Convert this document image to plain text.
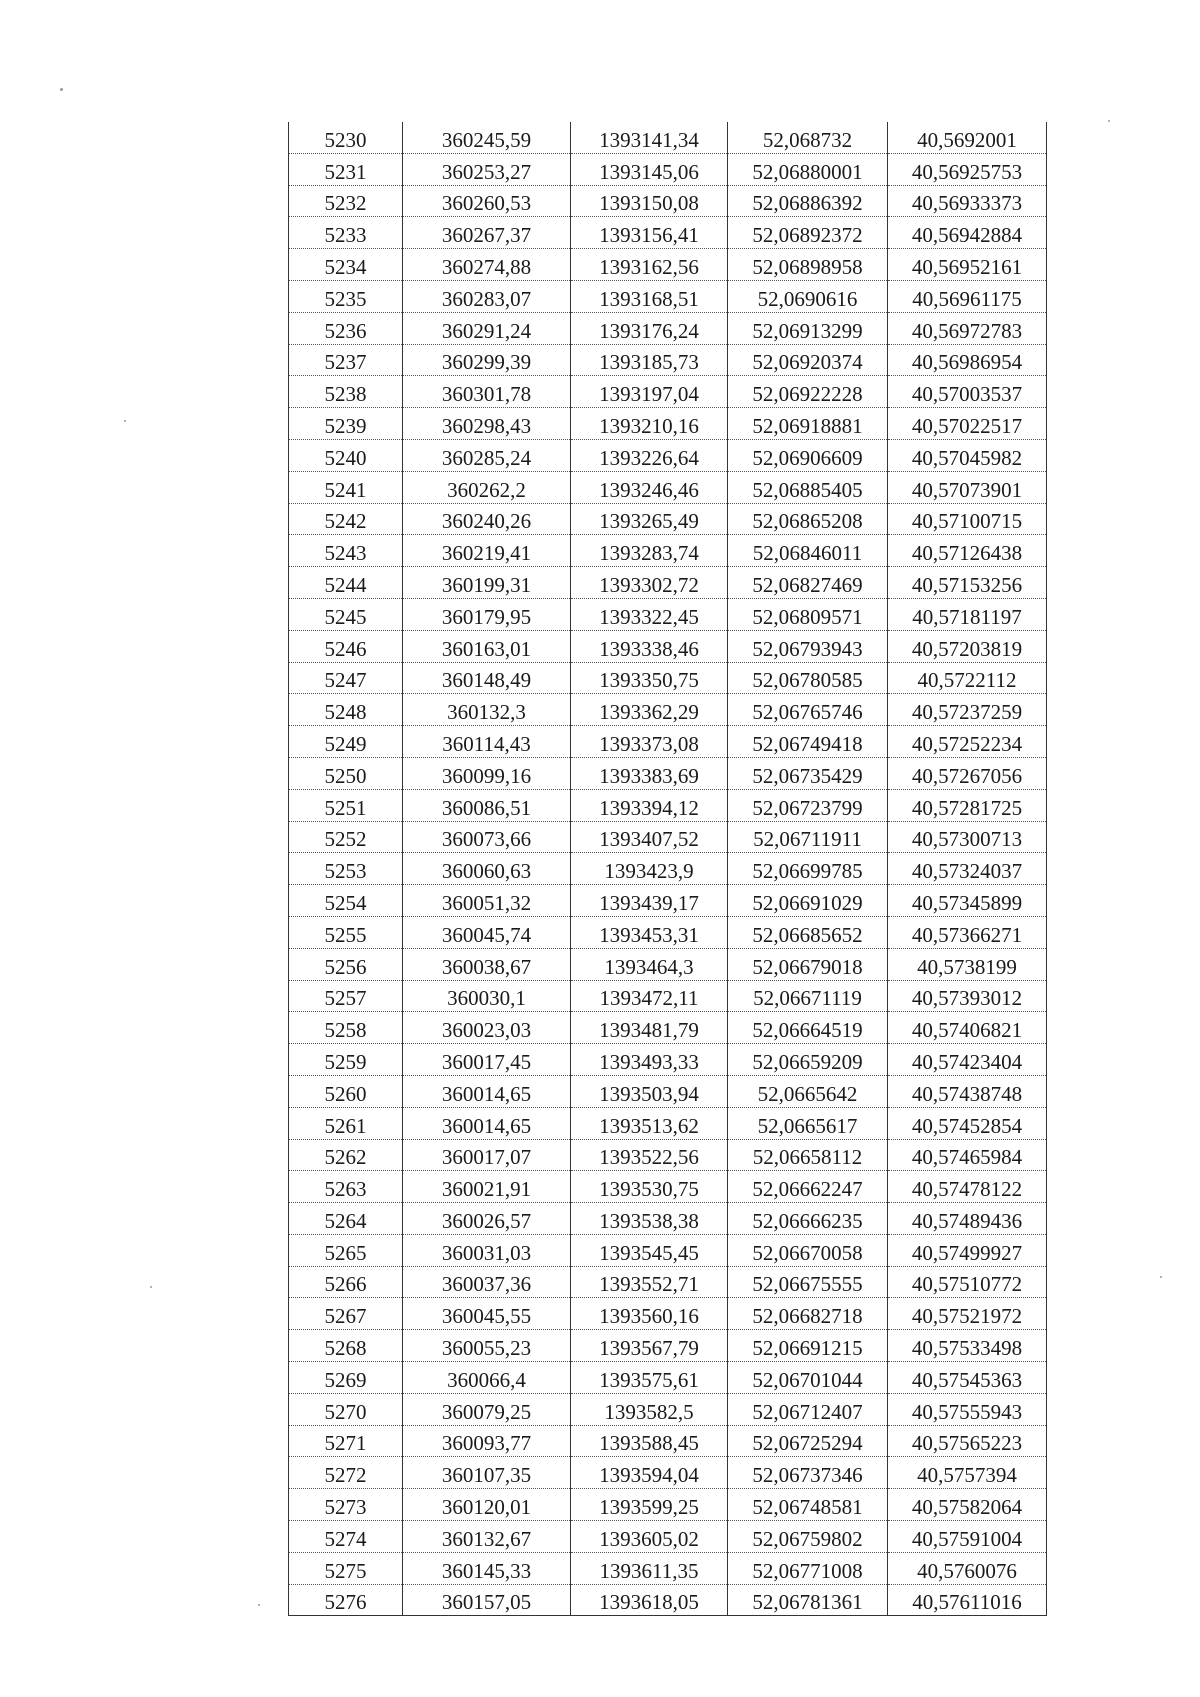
5230	360245,59	1393141,34	52,068732	40,5692001
5231	360253,27	1393145,06	52,06880001	40,56925753
5232	360260,53	1393150,08	52,06886392	40,56933373
5233	360267,37	1393156,41	52,06892372	40,56942884
5234	360274,88	1393162,56	52,06898958	40,56952161
5235	360283,07	1393168,51	52,0690616	40,56961175
5236	360291,24	1393176,24	52,06913299	40,56972783
5237	360299,39	1393185,73	52,06920374	40,56986954
5238	360301,78	1393197,04	52,06922228	40,57003537
5239	360298,43	1393210,16	52,06918881	40,57022517
5240	360285,24	1393226,64	52,06906609	40,57045982
5241	360262,2	1393246,46	52,06885405	40,57073901
5242	360240,26	1393265,49	52,06865208	40,57100715
5243	360219,41	1393283,74	52,06846011	40,57126438
5244	360199,31	1393302,72	52,06827469	40,57153256
5245	360179,95	1393322,45	52,06809571	40,57181197
5246	360163,01	1393338,46	52,06793943	40,57203819
5247	360148,49	1393350,75	52,06780585	40,5722112
5248	360132,3	1393362,29	52,06765746	40,57237259
5249	360114,43	1393373,08	52,06749418	40,57252234
5250	360099,16	1393383,69	52,06735429	40,57267056
5251	360086,51	1393394,12	52,06723799	40,57281725
5252	360073,66	1393407,52	52,06711911	40,57300713
5253	360060,63	1393423,9	52,06699785	40,57324037
5254	360051,32	1393439,17	52,06691029	40,57345899
5255	360045,74	1393453,31	52,06685652	40,57366271
5256	360038,67	1393464,3	52,06679018	40,5738199
5257	360030,1	1393472,11	52,06671119	40,57393012
5258	360023,03	1393481,79	52,06664519	40,57406821
5259	360017,45	1393493,33	52,06659209	40,57423404
5260	360014,65	1393503,94	52,0665642	40,57438748
5261	360014,65	1393513,62	52,0665617	40,57452854
5262	360017,07	1393522,56	52,06658112	40,57465984
5263	360021,91	1393530,75	52,06662247	40,57478122
5264	360026,57	1393538,38	52,06666235	40,57489436
5265	360031,03	1393545,45	52,06670058	40,57499927
5266	360037,36	1393552,71	52,06675555	40,57510772
5267	360045,55	1393560,16	52,06682718	40,57521972
5268	360055,23	1393567,79	52,06691215	40,57533498
5269	360066,4	1393575,61	52,06701044	40,57545363
5270	360079,25	1393582,5	52,06712407	40,57555943
5271	360093,77	1393588,45	52,06725294	40,57565223
5272	360107,35	1393594,04	52,06737346	40,5757394
5273	360120,01	1393599,25	52,06748581	40,57582064
5274	360132,67	1393605,02	52,06759802	40,57591004
5275	360145,33	1393611,35	52,06771008	40,5760076
5276	360157,05	1393618,05	52,06781361	40,57611016
